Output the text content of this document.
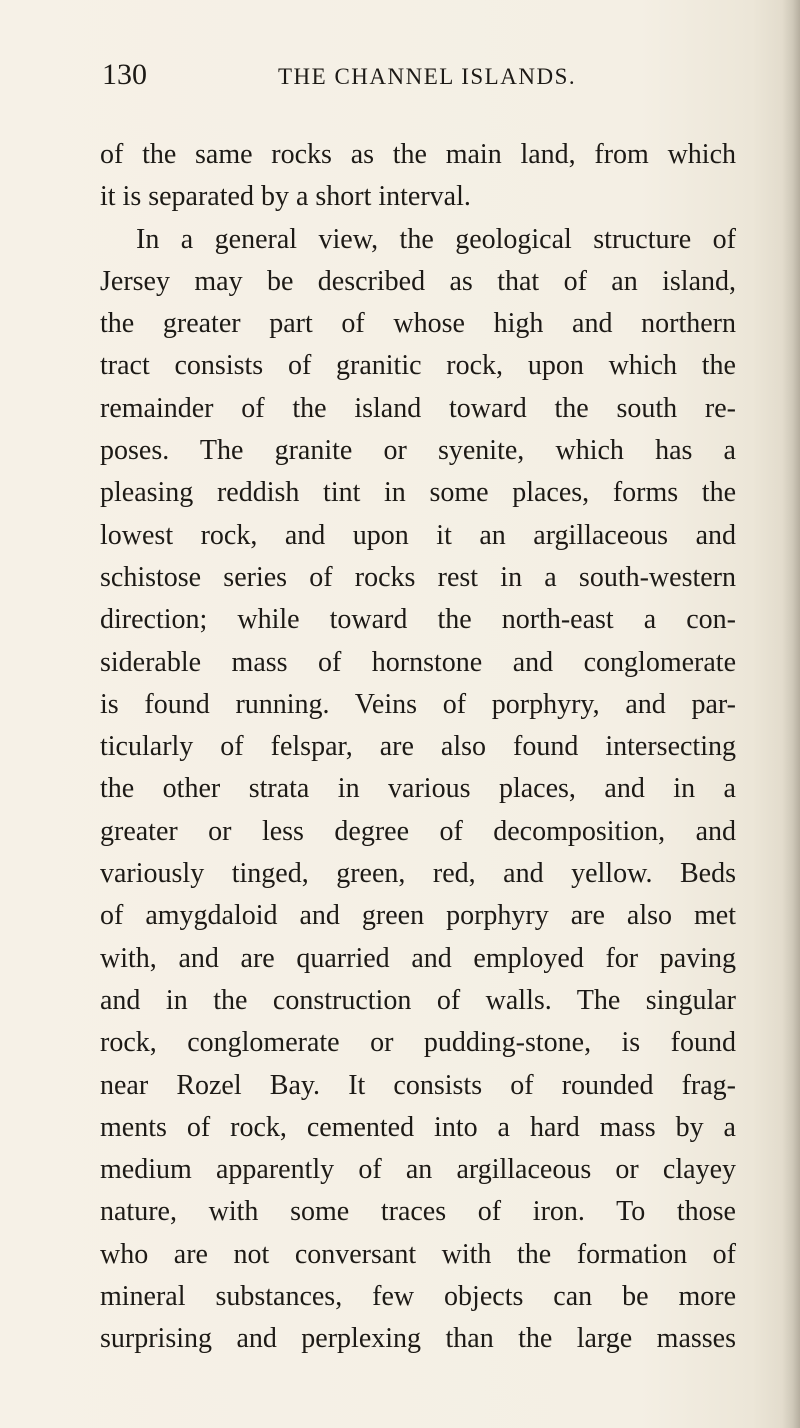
130	THE CHANNEL ISLANDS.
of the same rocks as the main land, from which
it is separated by a short interval.
In a general view, the geological structure of
Jersey may be described as that of an island,
the greater part of whose high and northern
tract consists of granitic rock, upon which the
remainder of the island toward the south re-
poses. The granite or syenite, which has a
pleasing reddish tint in some places, forms the
lowest rock, and upon it an argillaceous and
schistose series of rocks rest in a south-western
direction; while toward the north-east a con-
siderable mass of hornstone and conglomerate
is found running. Veins of porphyry, and par-
ticularly of felspar, are also found intersecting
the other strata in various places, and in a
greater or less degree of decomposition, and
variously tinged, green, red, and yellow. Beds
of amygdaloid and green porphyry are also met
with, and are quarried and employed for paving
and in the construction of walls. The singular
rock, conglomerate or pudding-stone, is found
near Rozel Bay. It consists of rounded frag-
ments of rock, cemented into a hard mass by a
medium apparently of an argillaceous or clayey
nature, with some traces of iron. To those
who are not conversant with the formation of
mineral substances, few objects can be more
surprising and perplexing than the large masses
